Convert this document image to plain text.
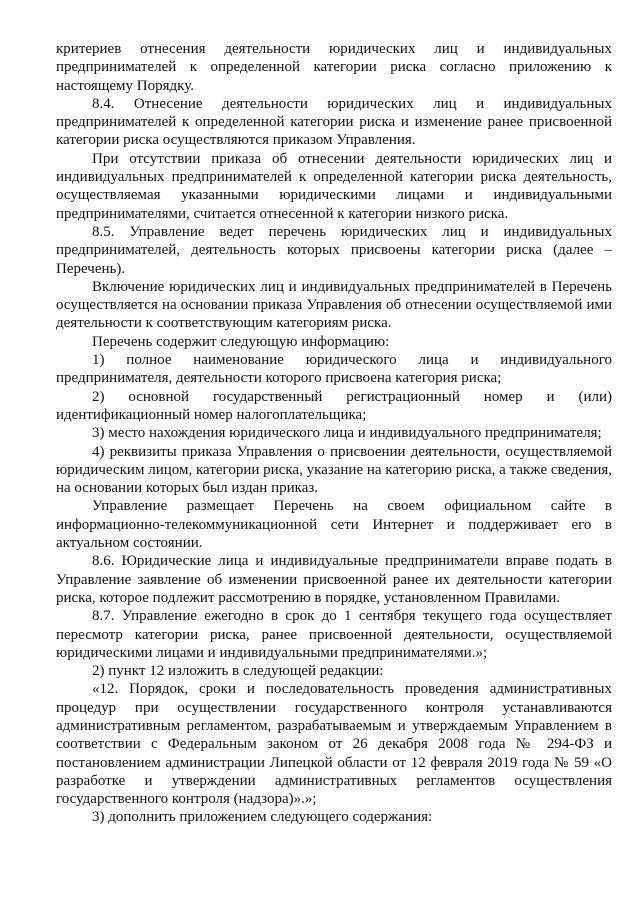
критериев отнесения деятельности юридических лиц и индивидуальных предпринимателей к определенной категории риска согласно приложению к настоящему Порядку.

8.4. Отнесение деятельности юридических лиц и индивидуальных предпринимателей к определенной категории риска и изменение ранее присвоенной категории риска осуществляются приказом Управления.

При отсутствии приказа об отнесении деятельности юридических лиц и индивидуальных предпринимателей к определенной категории риска деятельность, осуществляемая указанными юридическими лицами и индивидуальными предпринимателями, считается отнесенной к категории низкого риска.

8.5. Управление ведет перечень юридических лиц и индивидуальных предпринимателей, деятельность которых присвоены категории риска (далее – Перечень).

Включение юридических лиц и индивидуальных предпринимателей в Перечень осуществляется на основании приказа Управления об отнесении осуществляемой ими деятельности к соответствующим категориям риска.

Перечень содержит следующую информацию:

1) полное наименование юридического лица и индивидуального предпринимателя, деятельности которого присвоена категория риска;

2) основной государственный регистрационный номер и (или) идентификационный номер налогоплательщика;

3) место нахождения юридического лица и индивидуального предпринимателя;

4) реквизиты приказа Управления о присвоении деятельности, осуществляемой юридическим лицом, категории риска, указание на категорию риска, а также сведения, на основании которых был издан приказ.

Управление размещает Перечень на своем официальном сайте в информационно-телекоммуникационной сети Интернет и поддерживает его в актуальном состоянии.

8.6. Юридические лица и индивидуальные предприниматели вправе подать в Управление заявление об изменении присвоенной ранее их деятельности категории риска, которое подлежит рассмотрению в порядке, установленном Правилами.

8.7. Управление ежегодно в срок до 1 сентября текущего года осуществляет пересмотр категории риска, ранее присвоенной деятельности, осуществляемой юридическими лицами и индивидуальными предпринимателями.»;

2) пункт 12 изложить в следующей редакции:

«12. Порядок, сроки и последовательность проведения административных процедур при осуществлении государственного контроля устанавливаются административным регламентом, разрабатываемым и утверждаемым Управлением в соответствии с Федеральным законом от 26 декабря 2008 года № 294-ФЗ и постановлением администрации Липецкой области от 12 февраля 2019 года № 59 «О разработке и утверждении административных регламентов осуществления государственного контроля (надзора)».»;

3) дополнить приложением следующего содержания:
